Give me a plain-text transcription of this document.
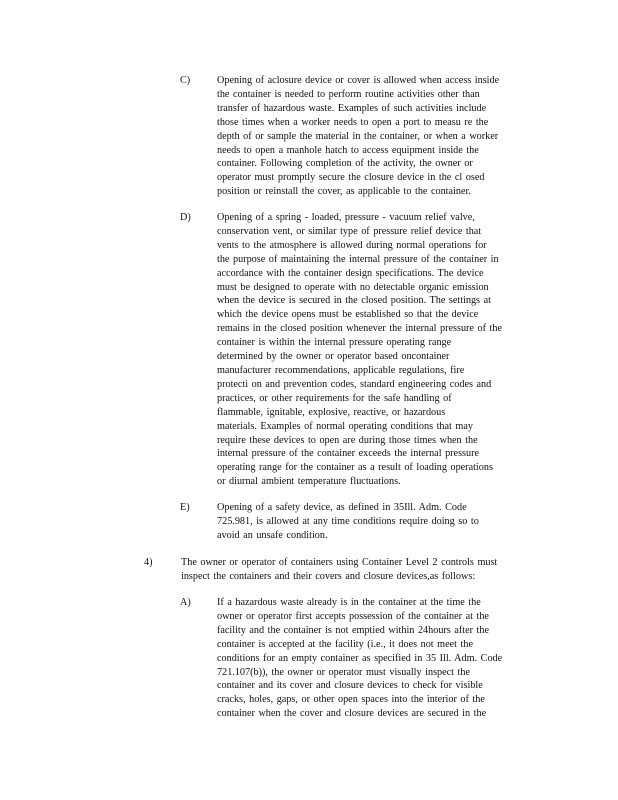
C)	Opening of aclosure device or cover is allowed when access inside
the container is needed to perform routine activities other than
transfer of hazardous waste. Examples of such activities include
those times when a worker needs to open a port to measu re the
depth of or sample the material in the container, or when a worker
needs to open a manhole hatch to access equipment inside the
container. Following completion of the activity, the owner or
operator must promptly secure the closure device in the cl osed
position or reinstall the cover, as applicable to the container.
D)	Opening of a spring - loaded, pressure - vacuum relief valve,
conservation vent, or similar type of pressure relief device that
vents to the atmosphere is allowed during normal operations for
the purpose of maintaining the internal pressure of the container in
accordance with the container design specifications. The device
must be designed to operate with no detectable organic emission
when the device is secured in the closed position. The settings at
which the device opens must be established so that the device
remains in the closed position whenever the internal pressure of the
container is within the internal pressure operating range
determined by the owner or operator based oncontainer
manufacturer recommendations, applicable regulations, fire
protecti on and prevention codes, standard engineering codes and
practices, or other requirements for the safe handling of
flammable, ignitable, explosive, reactive, or hazardous
materials. Examples of normal operating conditions that may
require these devices to open are during those times when the
internal pressure of the container exceeds the internal pressure
operating range for the container as a result of loading operations
or diurnal ambient temperature fluctuations.
E)	Opening of a safety device, as defined in 35Ill. Adm. Code
725.981, is allowed at any time conditions require doing so to
avoid an unsafe condition.
4)	The owner or operator of containers using Container Level 2 controls must
inspect the containers and their covers and closure devices,as follows:
A)	If a hazardous waste already is in the container at the time the
owner or operator first accepts possession of the container at the
facility and the container is not emptied within 24hours after the
container is accepted at the facility (i.e., it does not meet the
conditions for an empty container as specified in 35 Ill. Adm. Code
721.107(b)), the owner or operator must visually inspect the
container and its cover and closure devices to check for visible
cracks, holes, gaps, or other open spaces into the interior of the
container when the cover and closure devices are secured in the
